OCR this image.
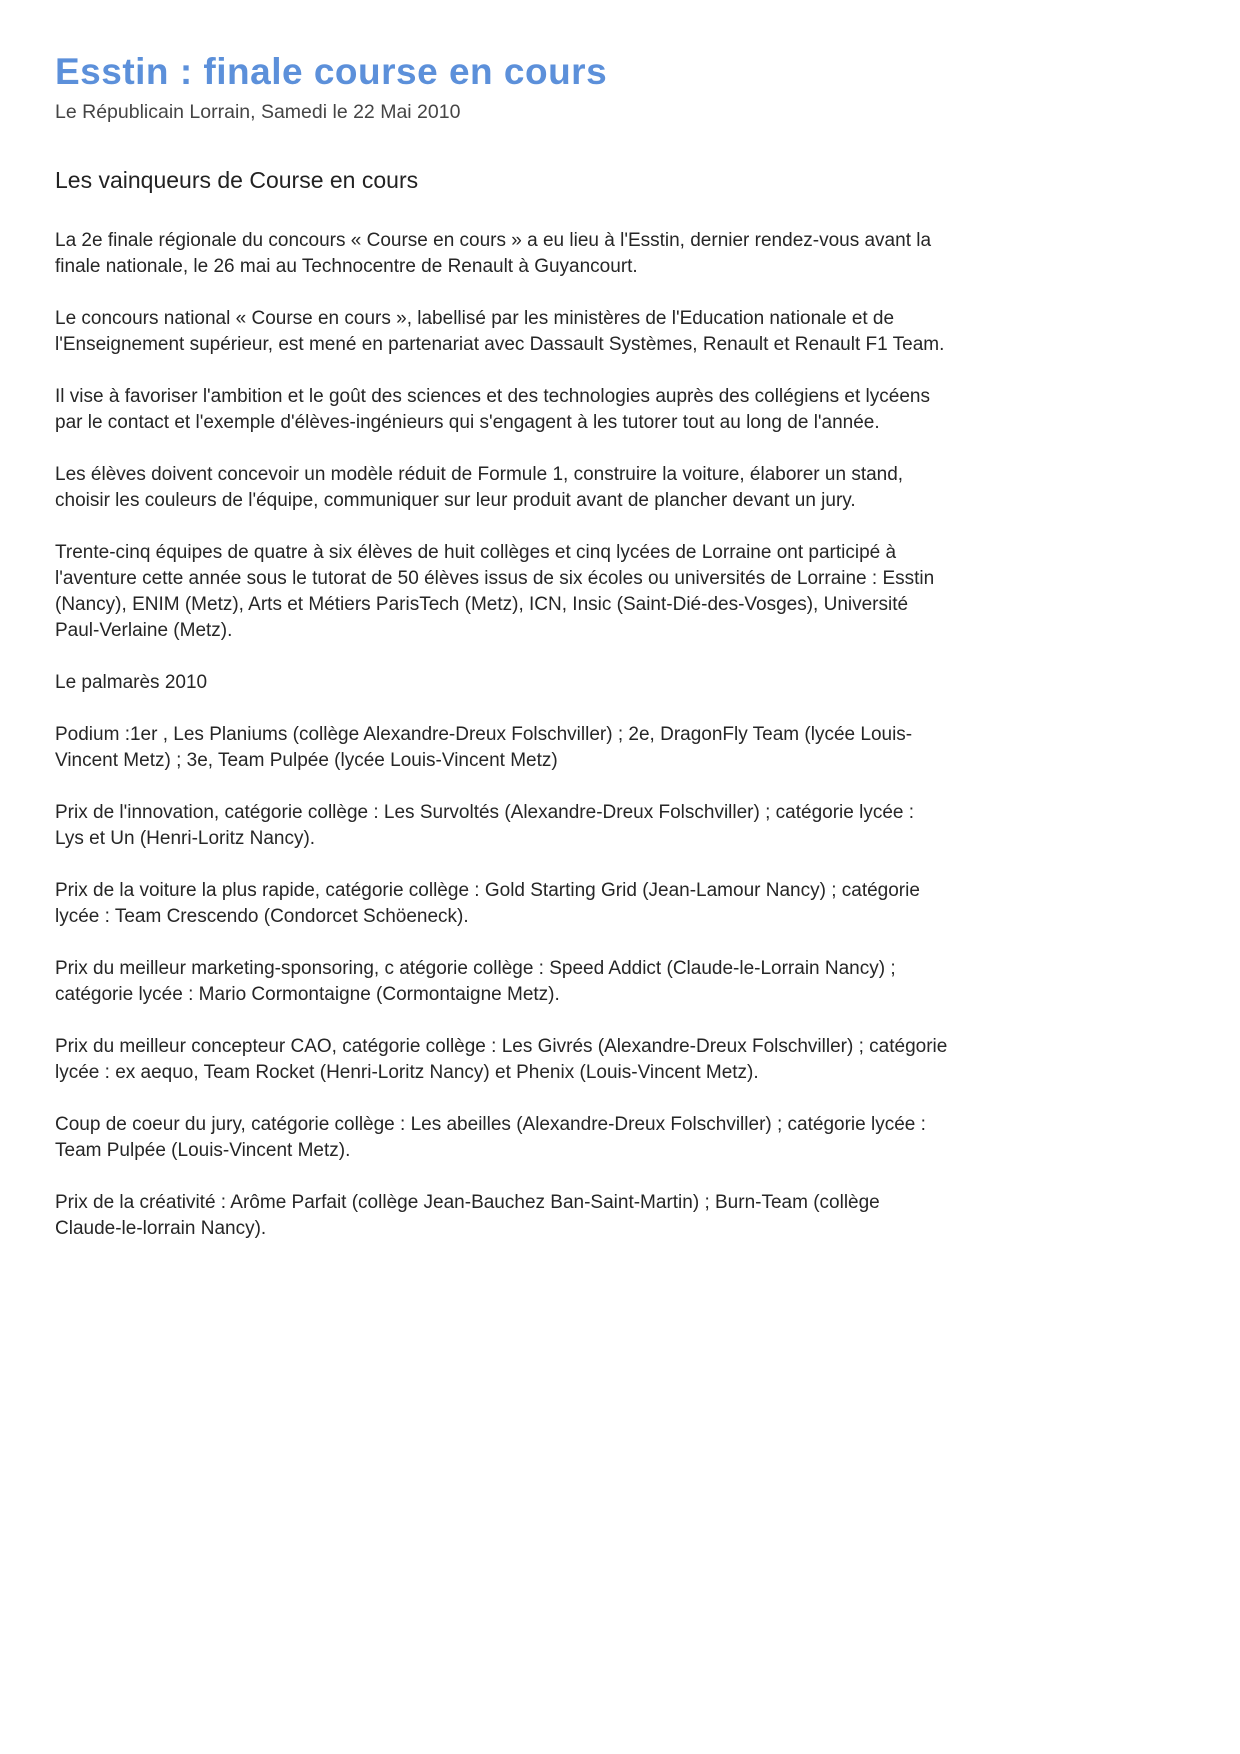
Esstin : finale course en cours

Le Républicain Lorrain, Samedi le 22 Mai 2010

Les vainqueurs de Course en cours

La 2e finale régionale du concours « Course en cours » a eu lieu à l'Esstin, dernier rendez-vous avant la
finale nationale, le 26 mai au Technocentre de Renault à Guyancourt.

Le concours national « Course en cours », labellisé par les ministères de l'Education nationale et de
l'Enseignement supérieur, est mené en partenariat avec Dassault Systèmes, Renault et Renault F1 Team.

Il vise à favoriser l'ambition et le goût des sciences et des technologies auprès des collégiens et lycéens
par le contact et l'exemple d'élèves-ingénieurs qui s'engagent à les tutorer tout au long de l'année.

Les élèves doivent concevoir un modèle réduit de Formule 1, construire la voiture, élaborer un stand,
choisir les couleurs de l'équipe, communiquer sur leur produit avant de plancher devant un jury.

Trente-cinq équipes de quatre à six élèves de huit collèges et cinq lycées de Lorraine ont participé à
l'aventure cette année sous le tutorat de 50 élèves issus de six écoles ou universités de Lorraine : Esstin
(Nancy), ENIM (Metz), Arts et Métiers ParisTech (Metz), ICN, Insic (Saint-Dié-des-Vosges), Université
Paul-Verlaine (Metz).

Le palmarès 2010

Podium :1er , Les Planiums (collège Alexandre-Dreux Folschviller) ; 2e, DragonFly Team (lycée Louis-
Vincent Metz) ; 3e, Team Pulpée (lycée Louis-Vincent Metz)

Prix de l'innovation, catégorie collège : Les Survoltés (Alexandre-Dreux Folschviller) ; catégorie lycée :
Lys et Un (Henri-Loritz Nancy).

Prix de la voiture la plus rapide, catégorie collège : Gold Starting Grid (Jean-Lamour Nancy) ; catégorie
lycée : Team Crescendo (Condorcet Schöeneck).

Prix du meilleur marketing-sponsoring, c atégorie collège : Speed Addict (Claude-le-Lorrain Nancy) ;
catégorie lycée : Mario Cormontaigne (Cormontaigne Metz).

Prix du meilleur concepteur CAO, catégorie collège : Les Givrés (Alexandre-Dreux Folschviller) ; catégorie
lycée : ex aequo, Team Rocket (Henri-Loritz Nancy) et Phenix (Louis-Vincent Metz).

Coup de coeur du jury, catégorie collège : Les abeilles (Alexandre-Dreux Folschviller) ; catégorie lycée :
Team Pulpée (Louis-Vincent Metz).

Prix de la créativité : Arôme Parfait (collège Jean-Bauchez Ban-Saint-Martin) ; Burn-Team (collège
Claude-le-lorrain Nancy).
